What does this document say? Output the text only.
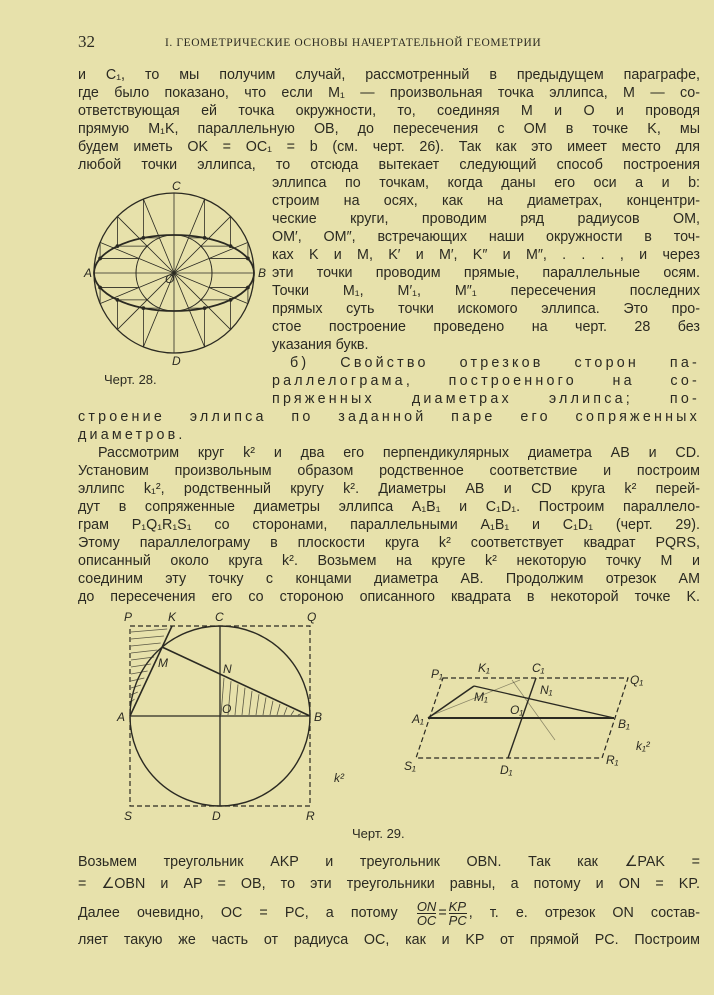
32	I. ГЕОМЕТРИЧЕСКИЕ ОСНОВЫ НАЧЕРТАТЕЛЬНОЙ ГЕОМЕТРИИ
и C₁, то мы получим случай, рассмотренный в предыдущем параграфе,
где было показано, что если M₁ — произвольная точка эллипса, M — со-
ответствующая ей точка окружности, то, соединяя M и O и проводя
прямую M₁K, параллельную OB, до пересечения с OM в точке K, мы
будем иметь OK = OC₁ = b (см. черт. 26). Так как это имеет место для
любой точки эллипса, то отсюда вытекает следующий способ построения
эллипса по точкам, когда даны его оси a и b:
строим на осях, как на диаметрах, концентри-
ческие круги, проводим ряд радиусов OM,
OM′, OM″, встречающих наши окружности в точ-
ках K и M, K′ и M′, K″ и M″, . . . , и через
эти точки проводим прямые, параллельные осям.
Точки M₁, M′₁, M″₁ пересечения последних
прямых суть точки искомого эллипса. Это про-
стое построение проведено на черт. 28 без
указания букв.
б) Свойство отрезков сторон па-
раллелограма, построенного на со-
пряженных диаметрах эллипса; по-
строение эллипса по заданной паре его сопряженных
диаметров.
Рассмотрим круг k² и два его перпендикулярных диаметра AB и CD.
Установим произвольным образом родственное соответствие и построим
эллипс k₁², родственный кругу k². Диаметры AB и CD круга k² перей-
дут в сопряженные диаметры эллипса A₁B₁ и C₁D₁. Построим параллело-
грам P₁Q₁R₁S₁ со сторонами, параллельными A₁B₁ и C₁D₁ (черт. 29).
Этому параллелограму в плоскости круга k² соответствует квадрат PQRS,
описанный около круга k². Возьмем на круге k² некоторую точку M и
соединим эту точку с концами диаметра AB. Продолжим отрезок AM
до пересечения его со стороною описанного квадрата в некоторой точке K.
Черт. 28.
Черт. 29.
Возьмем треугольник AKP и треугольник OBN. Так как ∠PAK =
= ∠OBN и AP = OB, то эти треугольники равны, а потому и ON = KP.
Далее очевидно, OC = PC, а потому $\frac{ON}{OC} = \frac{KP}{PC}$ , т. е. отрезок ON состав-
ляет такую же часть от радиуса OC, как и KP от прямой PC. Построим
C
D
A	B
O
P	K	C	Q
M	N
O
A	B
S	D	R
k²
P₁	K₁	C₁
Q₁
M₁	N₁
O₁
A₁	B₁
S₁	D₁
R₁
k₁²
